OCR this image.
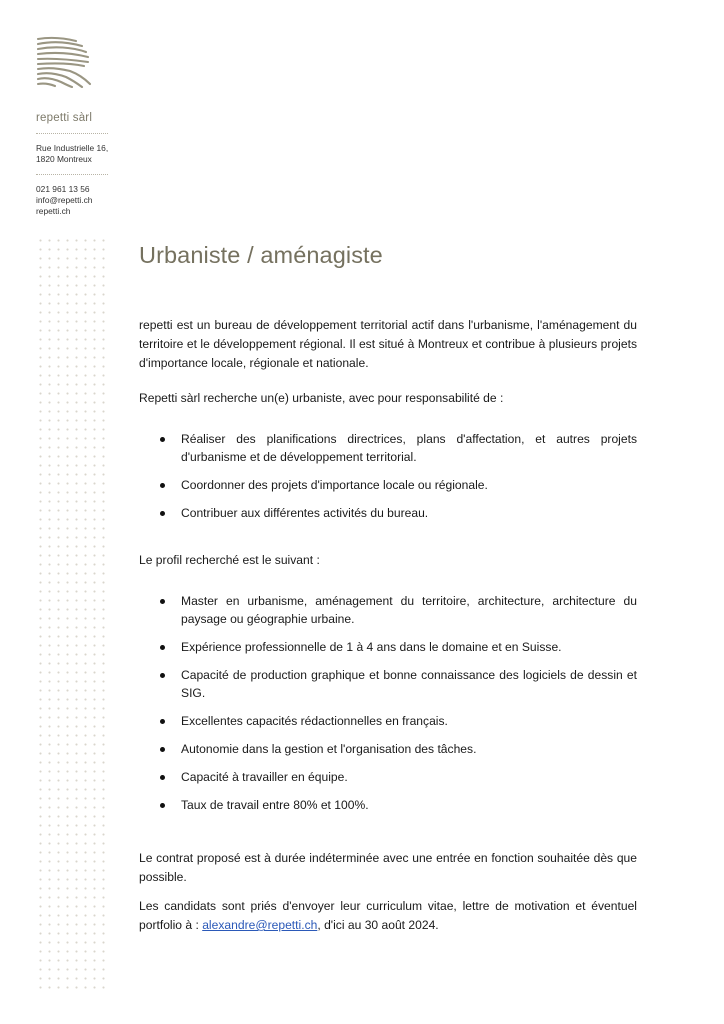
repetti sàrl
Rue Industrielle 16,
1820 Montreux
021 961 13 56
info@repetti.ch
repetti.ch
Urbaniste / aménagiste

repetti est un bureau de développement territorial actif dans l'urbanisme, l'aménagement du territoire et le développement régional. Il est situé à Montreux et contribue à plusieurs projets d'importance locale, régionale et nationale.

Repetti sàrl recherche un(e) urbaniste, avec pour responsabilité de :

Réaliser des planifications directrices, plans d'affectation, et autres projets d'urbanisme et de développement territorial.
Coordonner des projets d'importance locale ou régionale.
Contribuer aux différentes activités du bureau.

Le profil recherché est le suivant :

Master en urbanisme, aménagement du territoire, architecture, architecture du paysage ou géographie urbaine.
Expérience professionnelle de 1 à 4 ans dans le domaine et en Suisse.
Capacité de production graphique et bonne connaissance des logiciels de dessin et SIG.
Excellentes capacités rédactionnelles en français.
Autonomie dans la gestion et l'organisation des tâches.
Capacité à travailler en équipe.
Taux de travail entre 80% et 100%.

Le contrat proposé est à durée indéterminée avec une entrée en fonction souhaitée dès que possible.

Les candidats sont priés d'envoyer leur curriculum vitae, lettre de motivation et éventuel portfolio à : alexandre@repetti.ch, d'ici au 30 août 2024.
